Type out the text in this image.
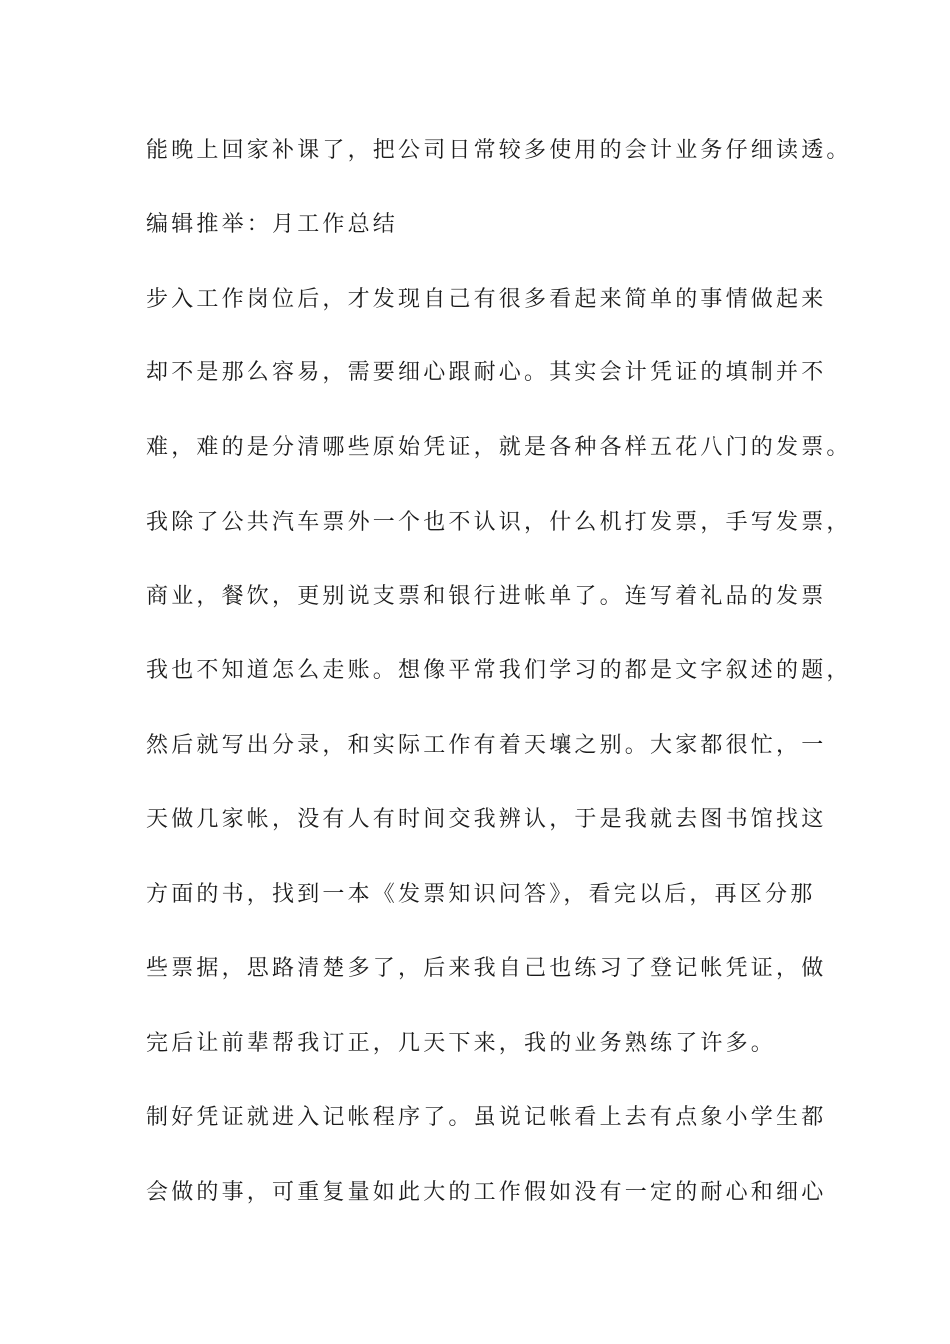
能晚上回家补课了，把公司日常较多使用的会计业务仔细读透。
编辑推举：月工作总结
步入工作岗位后，才发现自己有很多看起来简单的事情做起来
却不是那么容易，需要细心跟耐心。其实会计凭证的填制并不
难，难的是分清哪些原始凭证，就是各种各样五花八门的发票。
我除了公共汽车票外一个也不认识，什么机打发票，手写发票，
商业，餐饮，更别说支票和银行进帐单了。连写着礼品的发票
我也不知道怎么走账。想像平常我们学习的都是文字叙述的题，
然后就写出分录，和实际工作有着天壤之别。大家都很忙，一
天做几家帐，没有人有时间交我辨认，于是我就去图书馆找这
方面的书，找到一本《发票知识问答》，看完以后，再区分那
些票据，思路清楚多了，后来我自己也练习了登记帐凭证，做
完后让前辈帮我订正，几天下来，我的业务熟练了许多。
制好凭证就进入记帐程序了。虽说记帐看上去有点象小学生都
会做的事，可重复量如此大的工作假如没有一定的耐心和细心
